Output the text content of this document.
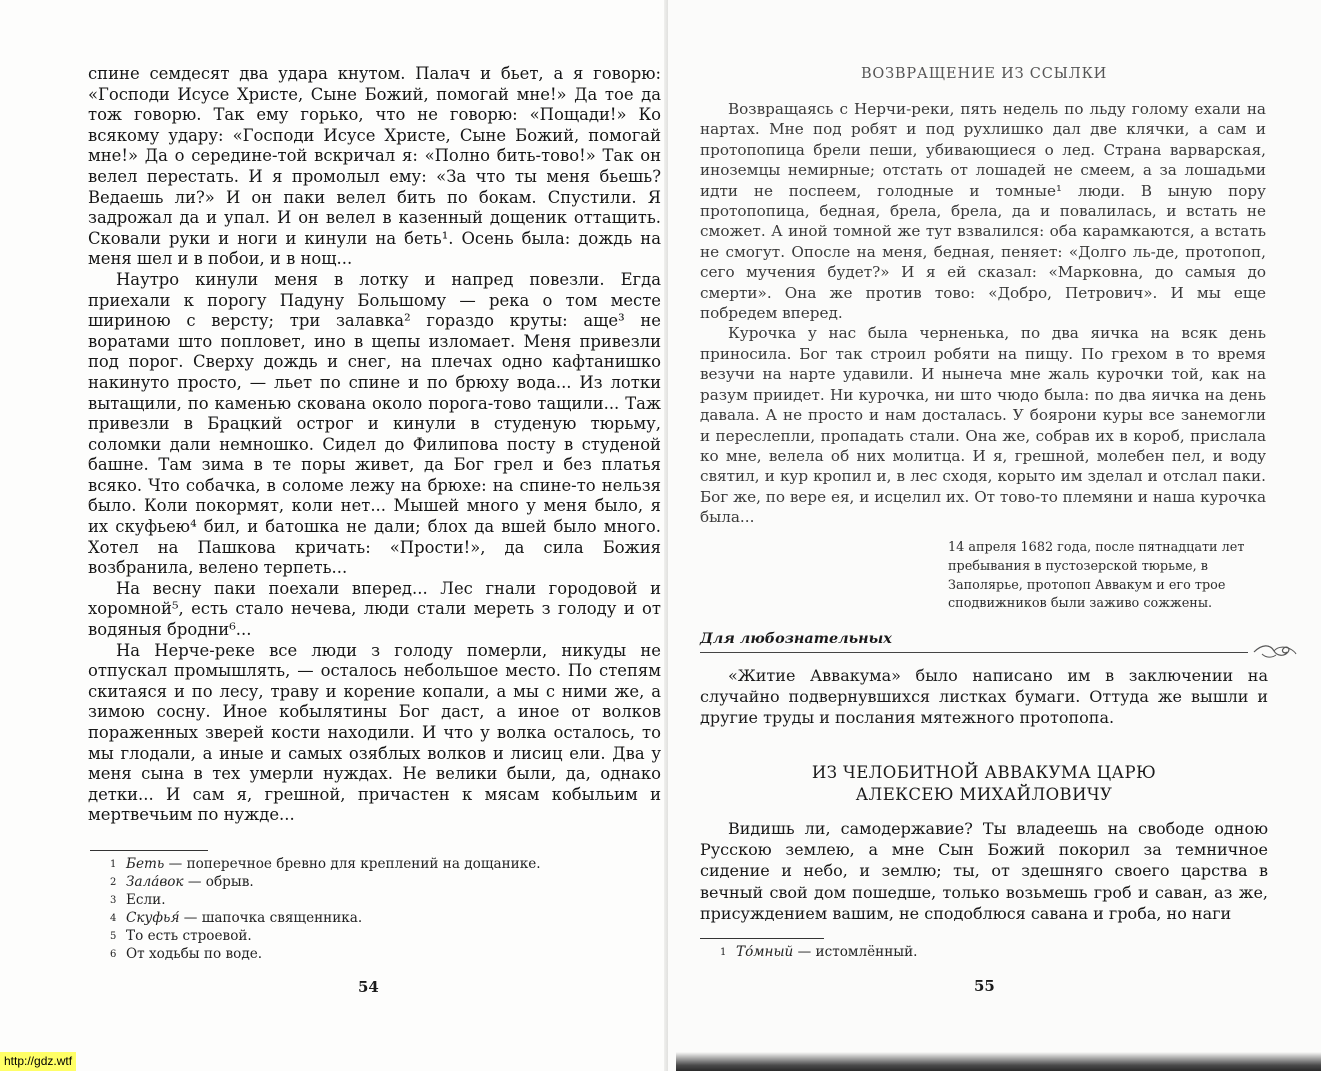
спине семдесят два удара кнутом. Палач и бьет, а я говорю: «Господи Исусе Христе, Сыне Божий, помогай мне!» Да тое да тож говорю. Так ему горько, что не говорю: «Пощади!» Ко всякому удару: «Господи Исусе Христе, Сыне Божий, помогай мне!» Да о середине-той вскричал я: «Полно бить-тово!» Так он велел перестать. И я промолыл ему: «За что ты меня бьешь? Ведаешь ли?» И он паки велел бить по бокам. Спустили. Я задрожал да и упал. И он велел в казенный дощеник оттащить. Сковали руки и ноги и кинули на беть¹. Осень была: дождь на меня шел и в побои, и в нощ...

Наутро кинули меня в лотку и напред повезли. Егда приехали к порогу Падуну Большому — река о том месте шириною с версту; три залавка² гораздо круты: аще³ не воратами што попловет, ино в щепы изломает. Меня привезли под порог. Сверху дождь и снег, на плечах одно кафтанишко накинуто просто, — льет по спине и по брюху вода... Из лотки вытащили, по каменью скована около порога-тово тащили... Таж привезли в Брацкий острог и кинули в студеную тюрьму, соломки дали немношко. Сидел до Филипова посту в студеной башне. Там зима в те поры живет, да Бог грел и без платья всяко. Что собачка, в соломе лежу на брюхе: на спине-то нельзя было. Коли покормят, коли нет... Мышей много у меня было, я их скуфьею⁴ бил, и батошка не дали; блох да вшей было много. Хотел на Пашкова кричать: «Прости!», да сила Божия возбранила, велено терпеть...

На весну паки поехали вперед... Лес гнали городовой и хоромной⁵, есть стало нечева, люди стали мереть з голоду и от водяныя бродни⁶...

На Нерче-реке все люди з голоду померли, никуды не отпускал промышлять, — осталось небольшое место. По степям скитаяся и по лесу, траву и корение копали, а мы с ними же, а зимою сосну. Иное кобылятины Бог даст, а иное от волков пораженных зверей кости находили. И что у волка осталось, то мы глодали, а иные и самых озяблых волков и лисиц ели. Два у меня сына в тех умерли нуждах. Не велики были, да, однако детки... И сам я, грешной, причастен к мясам кобыльим и мертвечьим по нужде...

1 Беть — поперечное бревно для креплений на дощанике.
2 Зала́вок — обрыв.
3 Если.
4 Скуфья́ — шапочка священника.
5 То есть строевой.
6 От ходьбы по воде.
54
ВОЗВРАЩЕНИЕ ИЗ ССЫЛКИ

Возвращаясь с Нерчи-реки, пять недель по льду голому ехали на нартах. Мне под робят и под рухлишко дал две клячки, а сам и протопопица брели пеши, убивающиеся о лед. Страна варварская, иноземцы немирные; отстать от лошадей не смеем, а за лошадьми идти не поспеем, голодные и томные¹ люди. В ыную пору протопопица, бедная, брела, брела, да и повалилась, и встать не сможет. А иной томной же тут взвалился: оба карамкаются, а встать не смогут. Опосле на меня, бедная, пеняет: «Долго ль-де, протопоп, сего мучения будет?» И я ей сказал: «Марковна, до самыя до смерти». Она же против тово: «Добро, Петрович». И мы еще побредем вперед.

Курочка у нас была черненька, по два яичка на всяк день приносила. Бог так строил робяти на пищу. По грехом в то время везучи на нарте удавили. И нынеча мне жаль курочки той, как на разум приидет. Ни курочка, ни што чюдо была: по два яичка на день давала. А не просто и нам досталась. У боярони куры все занемогли и переслепли, пропадать стали. Она же, собрав их в короб, прислала ко мне, велела об них молитца. И я, грешной, молебен пел, и воду святил, и кур кропил и, в лес сходя, корыто им зделал и отслал паки. Бог же, по вере ея, и исцелил их. От тово-то племяни и наша курочка была...

14 апреля 1682 года, после пятнадцати лет пребывания в пустозерской тюрьме, в Заполярье, протопоп Аввакум и его трое сподвижников были заживо сожжены.
Для любознательных

«Житие Аввакума» было написано им в заключении на случайно подвернувшихся листках бумаги. Оттуда же вышли и другие труды и послания мятежного протопопа.

ИЗ ЧЕЛОБИТНОЙ АВВАКУМА ЦАРЮ
АЛЕКСЕЮ МИХАЙЛОВИЧУ

Видишь ли, самодержавие? Ты владеешь на свободе одною Русскою землею, а мне Сын Божий покорил за темничное сидение и небо, и землю; ты, от здешняго своего царства в вечный свой дом пошедше, только возьмешь гроб и саван, аз же, присуждением вашим, не сподоблюся савана и гроба, но наги

1 То́мный — истомлённый.
55
http://gdz.wtf
